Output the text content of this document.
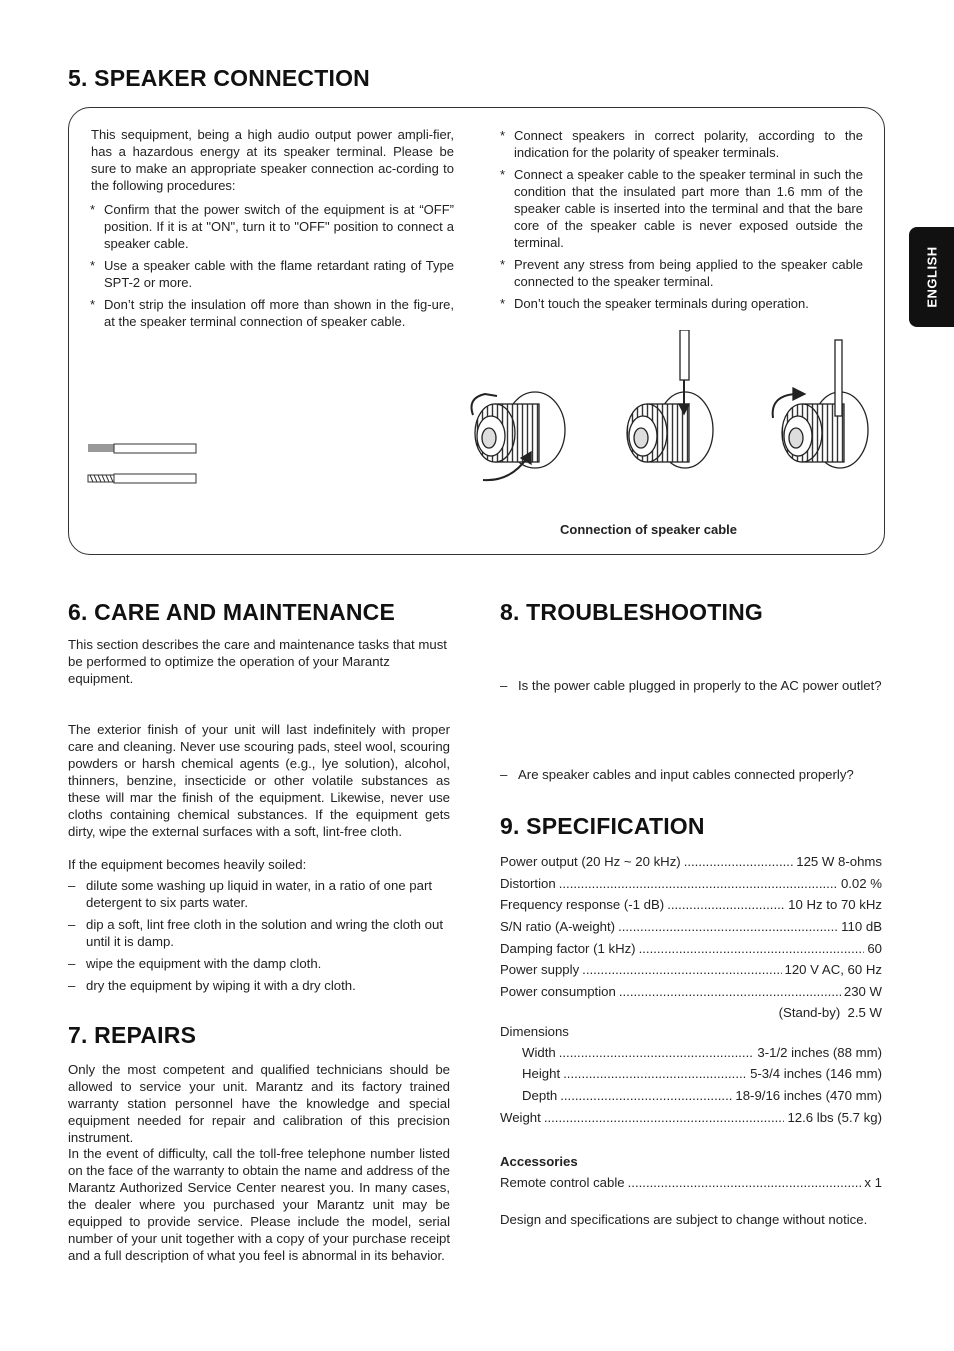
5. SPEAKER CONNECTION
This sequipment, being a high audio output power ampli-fier, has a hazardous energy at its speaker terminal. Please be sure to make an appropriate speaker connection ac-cording to the following procedures:
* Confirm that the power switch of the equipment is at “OFF” position. If it is at "ON", turn it to "OFF" position to connect a speaker cable.
* Use a speaker cable with the flame retardant rating of Type SPT-2 or more.
* Don’t strip the insulation off more than shown in the fig-ure, at the speaker terminal connection of speaker cable.
* Connect speakers in correct polarity, according to the indication for the polarity of speaker terminals.
* Connect a speaker cable to the speaker terminal in such the condition that the insulated part more than 1.6 mm of the speaker cable is inserted into the terminal and that the bare core of the speaker cable is never exposed outside the terminal.
* Prevent any stress from being applied to the speaker cable connected to the speaker terminal.
* Don’t touch the speaker terminals during operation.
Connection of speaker cable
ENGLISH
6. CARE AND MAINTENANCE
This section describes the care and maintenance tasks that must be performed to optimize the operation of your Marantz equipment.
The exterior finish of your unit will last indefinitely with proper care and cleaning. Never use scouring pads, steel wool, scouring powders or harsh chemical agents (e.g., lye solution), alcohol, thinners, benzine, insecticide or other volatile substances as these will mar the finish of the equipment. Likewise, never use cloths containing chemical substances. If the equipment gets dirty, wipe the external surfaces with a soft, lint-free cloth.
If the equipment becomes heavily soiled:
– dilute some washing up liquid in water, in a ratio of one part detergent to six parts water.
– dip a soft, lint free cloth in the solution and wring the cloth out until it is damp.
– wipe the equipment with the damp cloth.
– dry the equipment by wiping it with a dry cloth.
7. REPAIRS
Only the most competent and qualified technicians should be allowed to service your unit. Marantz and its factory trained warranty station personnel have the knowledge and special equipment needed for repair and calibration of this precision instrument.
In the event of difficulty, call the toll-free telephone number listed on the face of the warranty to obtain the name and address of the Marantz Authorized Service Center nearest you. In many cases, the dealer where you purchased your Marantz unit may be equipped to provide service. Please include the model, serial number of your unit together with a copy of your purchase receipt and a full description of what you feel is abnormal in its behavior.
8. TROUBLESHOOTING
– Is the power cable plugged in properly to the AC power outlet?
– Are speaker cables and input cables connected properly?
9. SPECIFICATION
Power output (20 Hz ~ 20 kHz) .....	125 W 8-ohms
Distortion .....	0.02 %
Frequency response (-1 dB) .....	10 Hz to 70 kHz
S/N ratio (A-weight) .....	110 dB
Damping factor (1 kHz) .....	60
Power supply .....	120 V AC, 60 Hz
Power consumption .....	230 W
(Stand-by)  2.5 W
Dimensions
Width .....	3-1/2 inches (88 mm)
Height .....	5-3/4 inches (146 mm)
Depth .....	18-9/16 inches (470 mm)
Weight .....	12.6 lbs (5.7 kg)
Accessories
Remote control cable .....	x 1
Design and specifications are subject to change without notice.
